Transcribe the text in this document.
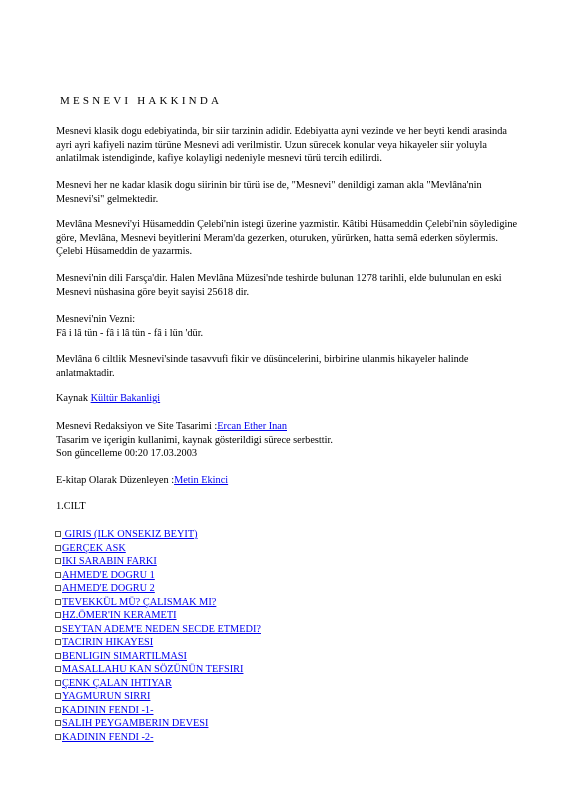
MESNEVI HAKKINDA
Mesnevi klasik dogu edebiyatinda, bir siir tarzinin adidir. Edebiyatta ayni vezinde ve her beyti kendi arasinda ayri ayri kafiyeli nazim türüne Mesnevi adi verilmistir. Uzun sürecek konular veya hikayeler siir yoluyla anlatilmak istendiginde, kafiye kolayligi nedeniyle mesnevi türü tercih edilirdi.
Mesnevi her ne kadar klasik dogu siirinin bir türü ise de, "Mesnevi" denildigi zaman akla "Mevlâna'nin Mesnevi'si" gelmektedir.
Mevlâna Mesnevi'yi Hüsameddin Çelebi'nin istegi üzerine yazmistir. Kâtibi Hüsameddin Çelebi'nin söyledigine göre, Mevlâna, Mesnevi beyitlerini Meram'da gezerken, oturuken, yürürken, hatta semâ ederken söylermis. Çelebi Hüsameddin de yazarmis.
Mesnevi'nin dili Farsça'dir. Halen Mevlâna Müzesi'nde teshirde bulunan 1278 tarihli, elde bulunulan en eski Mesnevi nüshasina göre beyit sayisi 25618 dir.
Mesnevi'nin Vezni:
Fâ i lâ tün - fâ i lâ tün - fâ i lün 'dür.
Mevlâna 6 ciltlik Mesnevi'sinde tasavvufi fikir ve düsüncelerini, birbirine ulanmis hikayeler halinde anlatmaktadir.
Kaynak Kültür Bakanligi
Mesnevi Redaksiyon ve Site Tasarimi :Ercan Ether Inan
Tasarim ve içerigin kullanimi, kaynak gösterildigi sürece serbesttir.
Son güncelleme 00:20 17.03.2003
E-kitap Olarak Düzenleyen :Metin Ekinci
1.CILT
GIRIS (ILK ONSEKIZ BEYIT)
GERÇEK ASK
IKI SARABIN FARKI
AHMED'E DOGRU 1
AHMED'E DOGRU 2
TEVEKKÜL MÜ? ÇALISMAK MI?
HZ.ÖMER'IN KERAMETI
SEYTAN ADEM'E NEDEN SECDE ETMEDI?
TACIRIN HIKAYESI
BENLIGIN SIMARTILMASI
MASALLAHU KAN SÖZÜNÜN TEFSIRI
ÇENK ÇALAN IHTIYAR
YAGMURUN SIRRI
KADININ FENDI -1-
SALIH PEYGAMBERIN DEVESI
KADININ FENDI -2-
